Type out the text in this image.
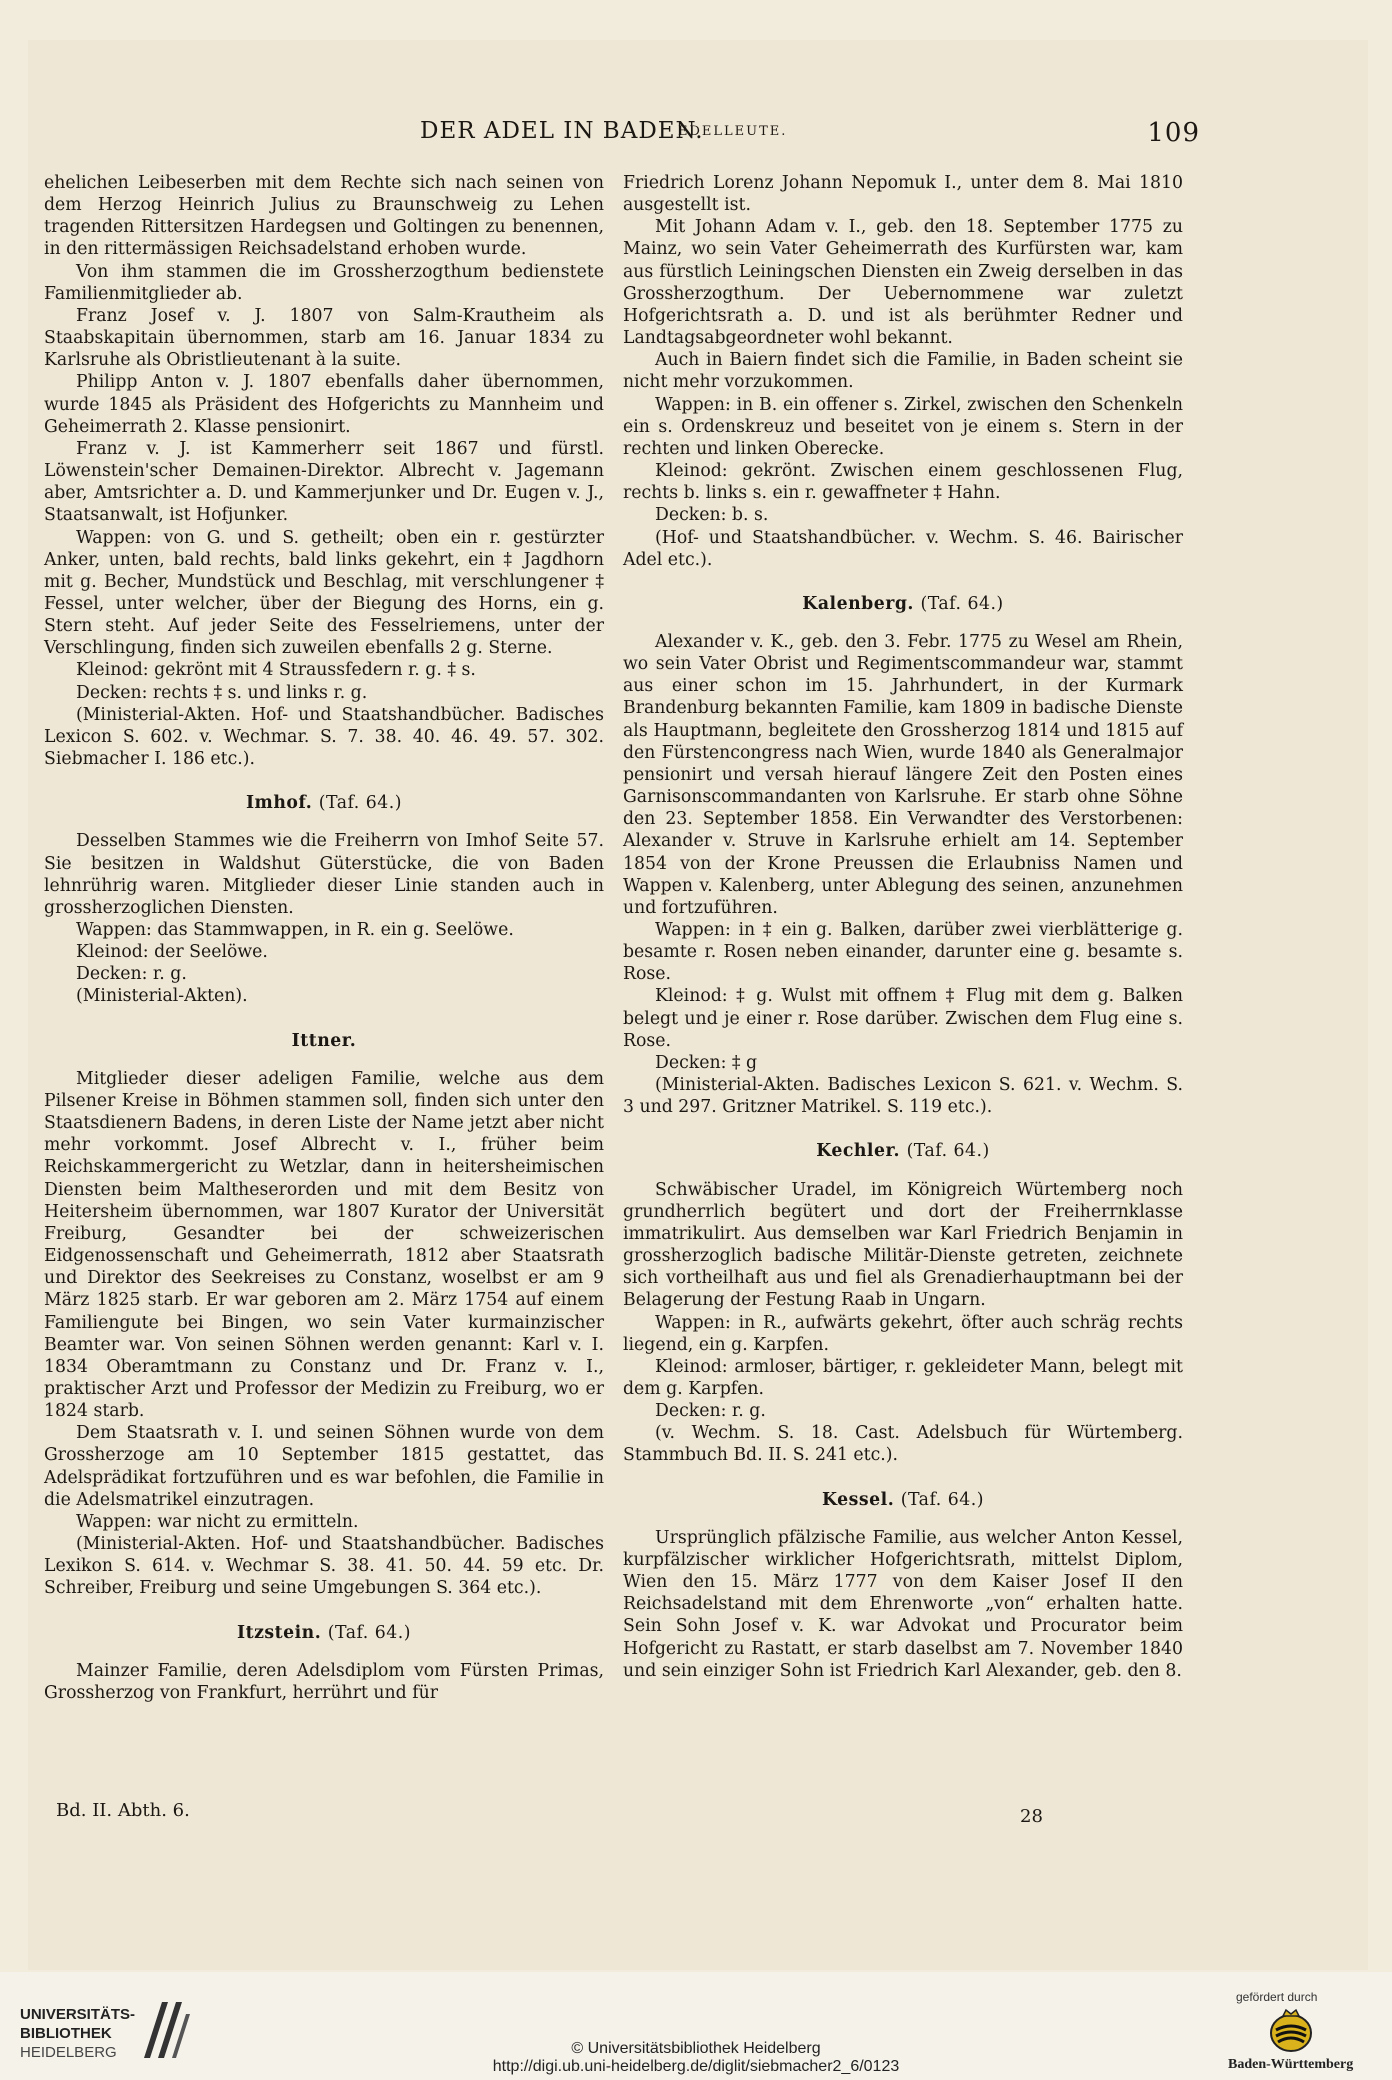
DER ADEL IN BADEN.
EDELLEUTE.	109

ehelichen Leibeserben mit dem Rechte sich nach seinen von dem Herzog Heinrich Julius zu Braunschweig zu Lehen tragenden Rittersitzen Hardegsen und Goltingen zu benennen, in den rittermässigen Reichsadelstand erhoben wurde.

Von ihm stammen die im Grossherzogthum bedienstete Familienmitglieder ab.

Franz Josef v. J. 1807 von Salm-Krautheim als Staabskapitain übernommen, starb am 16. Januar 1834 zu Karlsruhe als Obristlieutenant à la suite.

Philipp Anton v. J. 1807 ebenfalls daher übernommen, wurde 1845 als Präsident des Hofgerichts zu Mannheim und Geheimerrath 2. Klasse pensionirt.

Franz v. J. ist Kammerherr seit 1867 und fürstl. Löwenstein'scher Demainen-Direktor. Albrecht v. Jagemann aber, Amtsrichter a. D. und Kammerjunker und Dr. Eugen v. J., Staatsanwalt, ist Hofjunker.

Wappen: von G. und S. getheilt; oben ein r. gestürzter Anker, unten, bald rechts, bald links gekehrt, ein ‡ Jagdhorn mit g. Becher, Mundstück und Beschlag, mit verschlungener ‡ Fessel, unter welcher, über der Biegung des Horns, ein g. Stern steht. Auf jeder Seite des Fesselriemens, unter der Verschlingung, finden sich zuweilen ebenfalls 2 g. Sterne.

Kleinod: gekrönt mit 4 Straussfedern r. g. ‡ s.

Decken: rechts ‡ s. und links r. g.

(Ministerial-Akten. Hof- und Staatshandbücher. Badisches Lexicon S. 602. v. Wechmar. S. 7. 38. 40. 46. 49. 57. 302. Siebmacher I. 186 etc.).

Imhof. (Taf. 64.)

Desselben Stammes wie die Freiherrn von Imhof Seite 57. Sie besitzen in Waldshut Güterstücke, die von Baden lehnrührig waren. Mitglieder dieser Linie standen auch in grossherzoglichen Diensten.

Wappen: das Stammwappen, in R. ein g. Seelöwe.

Kleinod: der Seelöwe.

Decken: r. g.

(Ministerial-Akten).

Ittner.

Mitglieder dieser adeligen Familie, welche aus dem Pilsener Kreise in Böhmen stammen soll, finden sich unter den Staatsdienern Badens, in deren Liste der Name jetzt aber nicht mehr vorkommt. Josef Albrecht v. I., früher beim Reichskammergericht zu Wetzlar, dann in heitersheimischen Diensten beim Maltheserorden und mit dem Besitz von Heitersheim übernommen, war 1807 Kurator der Universität Freiburg, Gesandter bei der schweizerischen Eidgenossenschaft und Geheimerrath, 1812 aber Staatsrath und Direktor des Seekreises zu Constanz, woselbst er am 9 März 1825 starb. Er war geboren am 2. März 1754 auf einem Familiengute bei Bingen, wo sein Vater kurmainzischer Beamter war. Von seinen Söhnen werden genannt: Karl v. I. 1834 Oberamtmann zu Constanz und Dr. Franz v. I., praktischer Arzt und Professor der Medizin zu Freiburg, wo er 1824 starb.

Dem Staatsrath v. I. und seinen Söhnen wurde von dem Grossherzoge am 10 September 1815 gestattet, das Adelsprädikat fortzuführen und es war befohlen, die Familie in die Adelsmatrikel einzutragen.

Wappen: war nicht zu ermitteln.

(Ministerial-Akten. Hof- und Staatshandbücher. Badisches Lexikon S. 614. v. Wechmar S. 38. 41. 50. 44. 59 etc. Dr. Schreiber, Freiburg und seine Umgebungen S. 364 etc.).

Itzstein. (Taf. 64.)

Mainzer Familie, deren Adelsdiplom vom Fürsten Primas, Grossherzog von Frankfurt, herrührt und für

Friedrich Lorenz Johann Nepomuk I., unter dem 8. Mai 1810 ausgestellt ist.

Mit Johann Adam v. I., geb. den 18. September 1775 zu Mainz, wo sein Vater Geheimerrath des Kurfürsten war, kam aus fürstlich Leiningschen Diensten ein Zweig derselben in das Grossherzogthum. Der Uebernommene war zuletzt Hofgerichtsrath a. D. und ist als berühmter Redner und Landtagsabgeordneter wohl bekannt.

Auch in Baiern findet sich die Familie, in Baden scheint sie nicht mehr vorzukommen.

Wappen: in B. ein offener s. Zirkel, zwischen den Schenkeln ein s. Ordenskreuz und beseitet von je einem s. Stern in der rechten und linken Oberecke.

Kleinod: gekrönt. Zwischen einem geschlossenen Flug, rechts b. links s. ein r. gewaffneter ‡ Hahn.

Decken: b. s.

(Hof- und Staatshandbücher. v. Wechm. S. 46. Bairischer Adel etc.).

Kalenberg. (Taf. 64.)

Alexander v. K., geb. den 3. Febr. 1775 zu Wesel am Rhein, wo sein Vater Obrist und Regimentscommandeur war, stammt aus einer schon im 15. Jahrhundert, in der Kurmark Brandenburg bekannten Familie, kam 1809 in badische Dienste als Hauptmann, begleitete den Grossherzog 1814 und 1815 auf den Fürstencongress nach Wien, wurde 1840 als Generalmajor pensionirt und versah hierauf längere Zeit den Posten eines Garnisonscommandanten von Karlsruhe. Er starb ohne Söhne den 23. September 1858. Ein Verwandter des Verstorbenen: Alexander v. Struve in Karlsruhe erhielt am 14. September 1854 von der Krone Preussen die Erlaubniss Namen und Wappen v. Kalenberg, unter Ablegung des seinen, anzunehmen und fortzuführen.

Wappen: in ‡ ein g. Balken, darüber zwei vierblätterige g. besamte r. Rosen neben einander, darunter eine g. besamte s. Rose.

Kleinod: ‡ g. Wulst mit offnem ‡ Flug mit dem g. Balken belegt und je einer r. Rose darüber. Zwischen dem Flug eine s. Rose.

Decken: ‡ g

(Ministerial-Akten. Badisches Lexicon S. 621. v. Wechm. S. 3 und 297. Gritzner Matrikel. S. 119 etc.).

Kechler. (Taf. 64.)

Schwäbischer Uradel, im Königreich Würtemberg noch grundherrlich begütert und dort der Freiherrnklasse immatrikulirt. Aus demselben war Karl Friedrich Benjamin in grossherzoglich badische Militär-Dienste getreten, zeichnete sich vortheilhaft aus und fiel als Grenadierhauptmann bei der Belagerung der Festung Raab in Ungarn.

Wappen: in R., aufwärts gekehrt, öfter auch schräg rechts liegend, ein g. Karpfen.

Kleinod: armloser, bärtiger, r. gekleideter Mann, belegt mit dem g. Karpfen.

Decken: r. g.

(v. Wechm. S. 18. Cast. Adelsbuch für Würtemberg. Stammbuch Bd. II. S. 241 etc.).

Kessel. (Taf. 64.)

Ursprünglich pfälzische Familie, aus welcher Anton Kessel, kurpfälzischer wirklicher Hofgerichtsrath, mittelst Diplom, Wien den 15. März 1777 von dem Kaiser Josef II den Reichsadelstand mit dem Ehrenworte „von“ erhalten hatte. Sein Sohn Josef v. K. war Advokat und Procurator beim Hofgericht zu Rastatt, er starb daselbst am 7. November 1840 und sein einziger Sohn ist Friedrich Karl Alexander, geb. den 8.

Bd. II. Abth. 6.	28
UNIVERSITÄTS-
BIBLIOTHEK
HEIDELBERG	© Universitätsbibliothek Heidelberg
http://digi.ub.uni-heidelberg.de/diglit/siebmacher2_6/0123
gefördert durch
Baden-Württemberg
